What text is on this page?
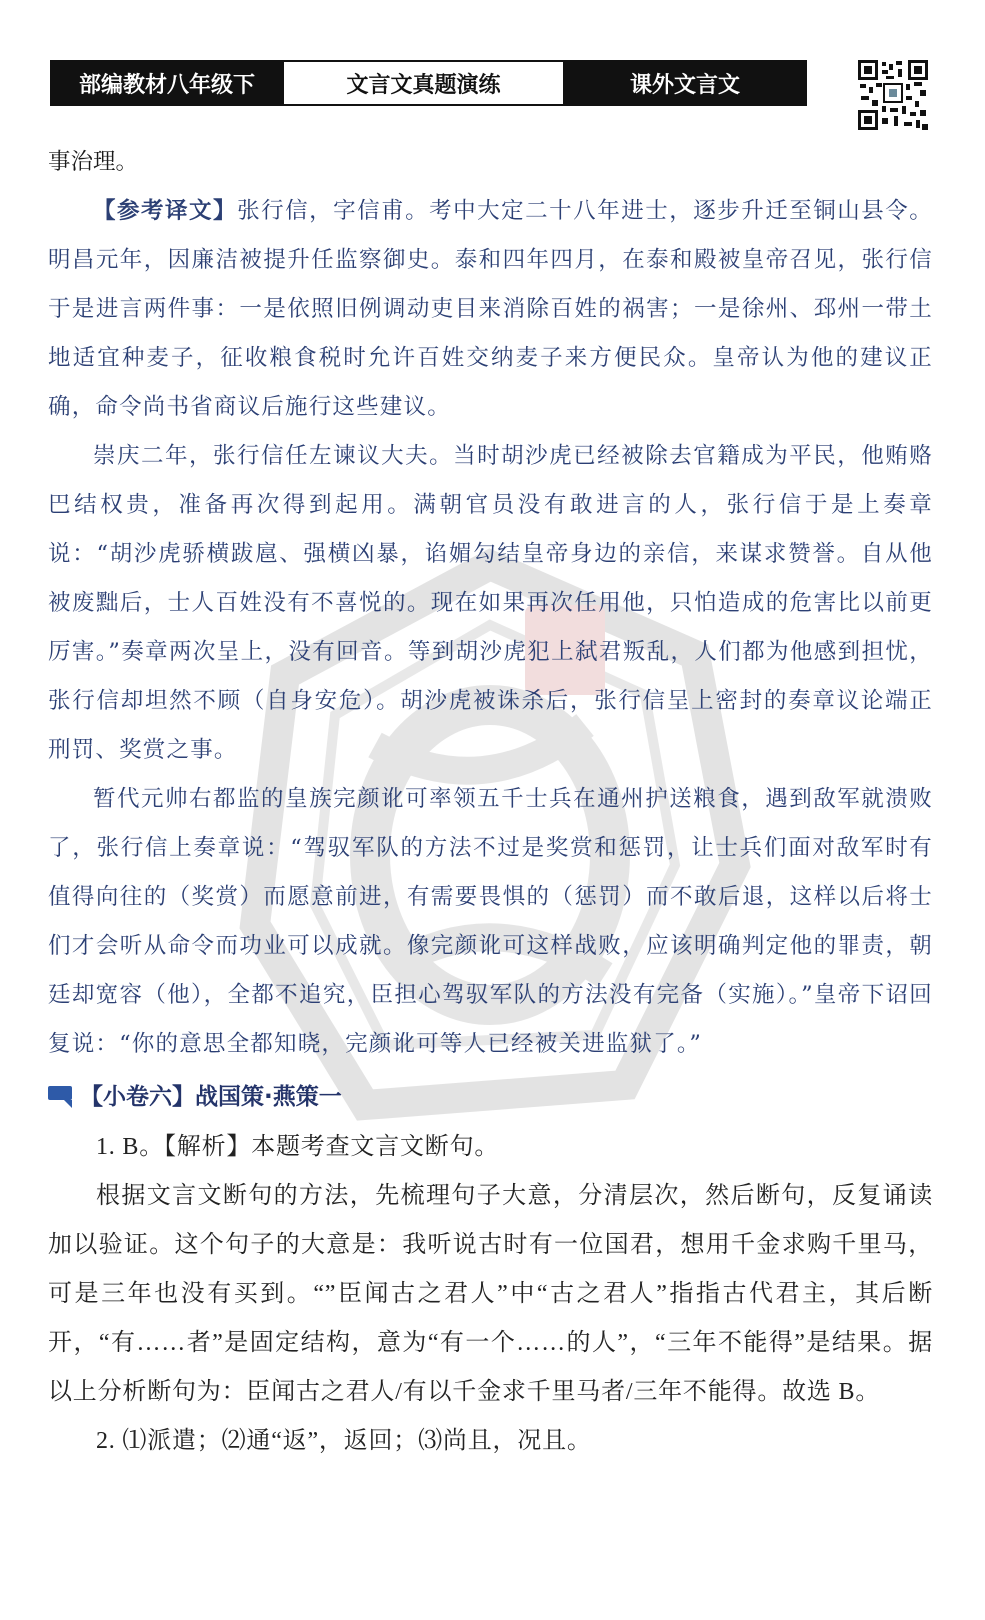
部编教材八年级下	文言文真题演练	课外文言文

事治理。

【参考译文】张行信，字信甫。考中大定二十八年进士，逐步升迁至铜山县令。明昌元年，因廉洁被提升任监察御史。泰和四年四月，在泰和殿被皇帝召见，张行信于是进言两件事：一是依照旧例调动吏目来消除百姓的祸害；一是徐州、邳州一带土地适宜种麦子，征收粮食税时允许百姓交纳麦子来方便民众。皇帝认为他的建议正确，命令尚书省商议后施行这些建议。

崇庆二年，张行信任左谏议大夫。当时胡沙虎已经被除去官籍成为平民，他贿赂巴结权贵，准备再次得到起用。满朝官员没有敢进言的人，张行信于是上奏章说：“胡沙虎骄横跋扈、强横凶暴，谄媚勾结皇帝身边的亲信，来谋求赞誉。自从他被废黜后，士人百姓没有不喜悦的。现在如果再次任用他，只怕造成的危害比以前更厉害。”奏章两次呈上，没有回音。等到胡沙虎犯上弑君叛乱，人们都为他感到担忧，张行信却坦然不顾（自身安危）。胡沙虎被诛杀后，张行信呈上密封的奏章议论端正刑罚、奖赏之事。

暂代元帅右都监的皇族完颜讹可率领五千士兵在通州护送粮食，遇到敌军就溃败了，张行信上奏章说：“驾驭军队的方法不过是奖赏和惩罚，让士兵们面对敌军时有值得向往的（奖赏）而愿意前进，有需要畏惧的（惩罚）而不敢后退，这样以后将士们才会听从命令而功业可以成就。像完颜讹可这样战败，应该明确判定他的罪责，朝廷却宽容（他），全都不追究，臣担心驾驭军队的方法没有完备（实施）。”皇帝下诏回复说：“你的意思全都知晓，完颜讹可等人已经被关进监狱了。”

【小卷六】战国策·燕策一

1. B。【解析】本题考查文言文断句。

根据文言文断句的方法，先梳理句子大意，分清层次，然后断句，反复诵读加以验证。这个句子的大意是：我听说古时有一位国君，想用千金求购千里马，可是三年也没有买到。“”臣闻古之君人”中“古之君人”指指古代君主，其后断开，“有……者”是固定结构，意为“有一个……的人”，“三年不能得”是结果。据以上分析断句为：臣闻古之君人/有以千金求千里马者/三年不能得。故选 B。

2. ⑴派遣；⑵通“返”，返回；⑶尚且，况且。
